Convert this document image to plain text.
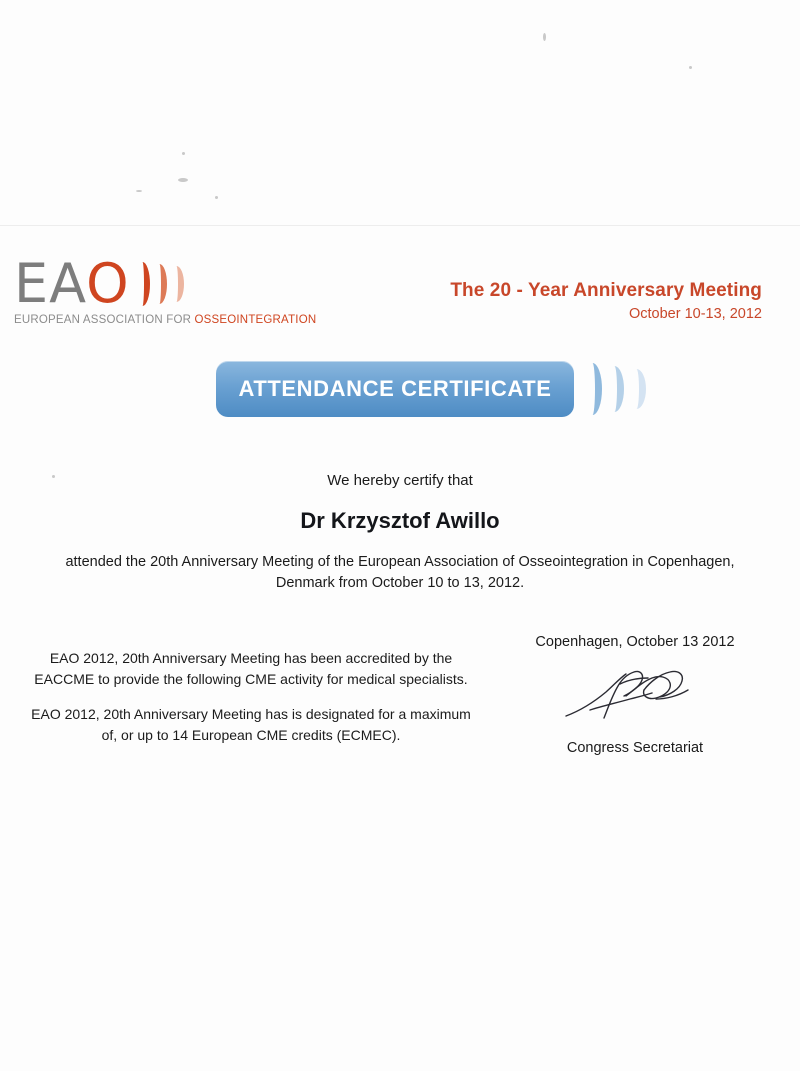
EAO
EUROPEAN ASSOCIATION FOR OSSEOINTEGRATION
The 20 - Year Anniversary Meeting
October 10-13, 2012
ATTENDANCE CERTIFICATE
We hereby certify that
Dr Krzysztof Awillo
attended the 20th Anniversary Meeting of the European Association of Osseointegration in Copenhagen, Denmark from October 10 to 13, 2012.

EAO 2012, 20th Anniversary Meeting has been accredited by the EACCME to provide the following CME activity for medical specialists.

EAO 2012, 20th Anniversary Meeting has is designated for a maximum of, or up to 14 European CME credits (ECMEC).

Copenhagen, October 13 2012
Congress Secretariat
